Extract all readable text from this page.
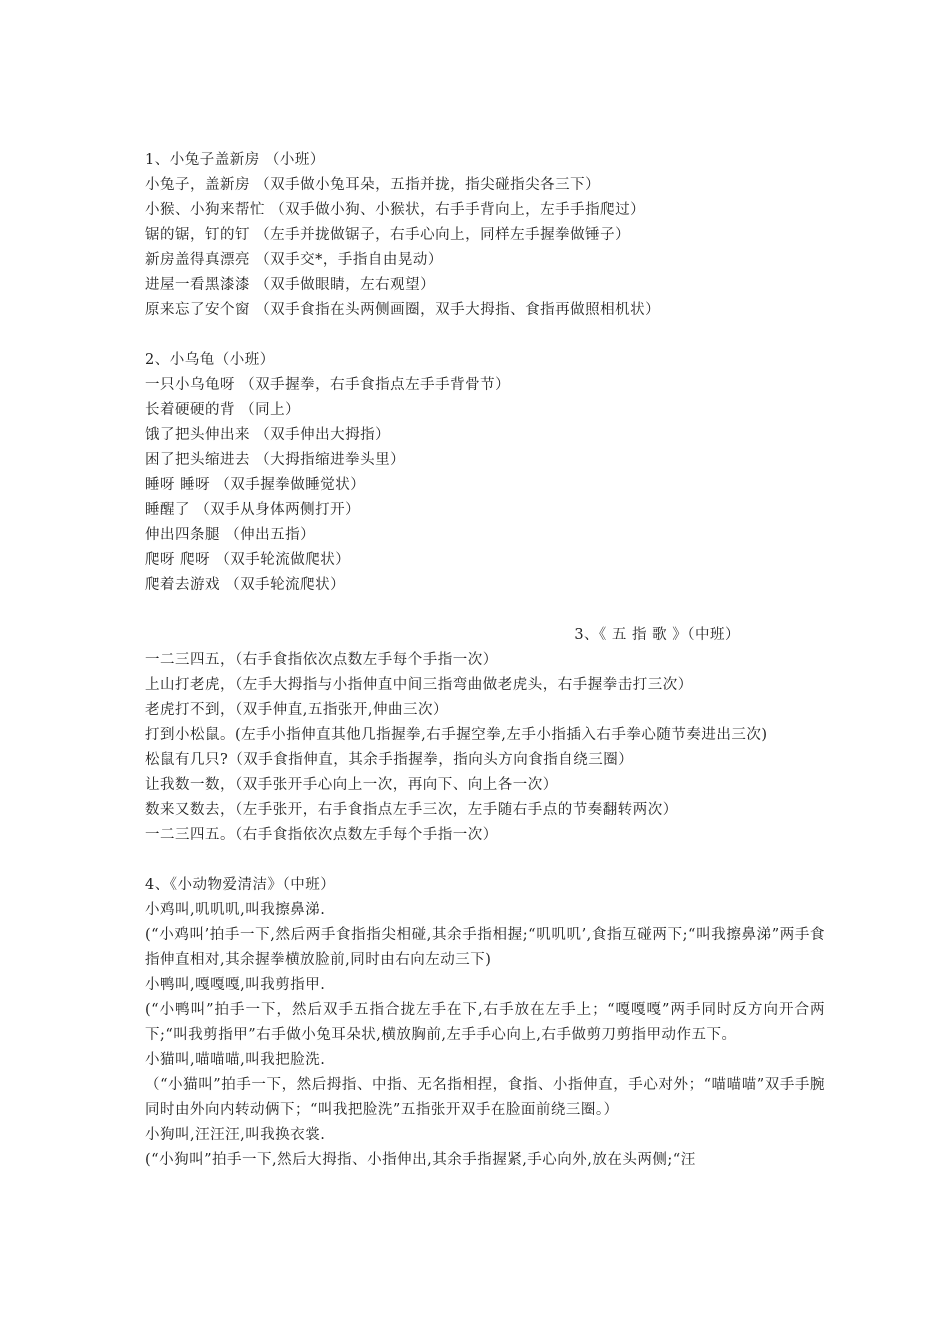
1、小兔子盖新房 （小班）
小兔子，盖新房 （双手做小兔耳朵，五指并拢，指尖碰指尖各三下）
小猴、小狗来帮忙 （双手做小狗、小猴状，右手手背向上，左手手指爬过）
锯的锯，钉的钉 （左手并拢做锯子，右手心向上，同样左手握拳做锤子）
新房盖得真漂亮 （双手交*，手指自由晃动）
进屋一看黑漆漆 （双手做眼睛，左右观望）
原来忘了安个窗 （双手食指在头两侧画圈，双手大拇指、食指再做照相机状）
2、小乌龟（小班）
一只小乌龟呀 （双手握拳，右手食指点左手手背骨节）
长着硬硬的背 （同上）
饿了把头伸出来 （双手伸出大拇指）
困了把头缩进去 （大拇指缩进拳头里）
睡呀 睡呀 （双手握拳做睡觉状）
睡醒了 （双手从身体两侧打开）
伸出四条腿 （伸出五指）
爬呀 爬呀 （双手轮流做爬状）
爬着去游戏 （双手轮流爬状）
3、《 五 指 歌 》（中班）
一二三四五，（右手食指依次点数左手每个手指一次）
上山打老虎，（左手大拇指与小指伸直中间三指弯曲做老虎头，右手握拳击打三次）
老虎打不到，（双手伸直,五指张开,伸曲三次）
打到小松鼠。(左手小指伸直其他几指握拳,右手握空拳,左手小指插入右手拳心随节奏进出三次)
松鼠有几只?（双手食指伸直，其余手指握拳，指向头方向食指自绕三圈）
让我数一数，（双手张开手心向上一次，再向下、向上各一次）
数来又数去，（左手张开，右手食指点左手三次，左手随右手点的节奏翻转两次）
一二三四五。（右手食指依次点数左手每个手指一次）
4、《小动物爱清洁》（中班）
小鸡叫,叽叽叽,叫我擦鼻涕.
(“小鸡叫’拍手一下,然后两手食指指尖相碰,其余手指相握;“叽叽叽’,食指互碰两下;“叫我擦鼻涕”两手食指伸直相对,其余握拳横放脸前,同时由右向左动三下)
小鸭叫,嘎嘎嘎,叫我剪指甲.
(“小鸭叫”拍手一下，然后双手五指合拢左手在下,右手放在左手上；“嘎嘎嘎”两手同时反方向开合两下;“叫我剪指甲”右手做小兔耳朵状,横放胸前,左手手心向上,右手做剪刀剪指甲动作五下。
小猫叫,喵喵喵,叫我把脸洗.
（“小猫叫”拍手一下，然后拇指、中指、无名指相捏，食指、小指伸直，手心对外；“喵喵喵”双手手腕同时由外向内转动俩下；“叫我把脸洗”五指张开双手在脸面前绕三圈。）
小狗叫,汪汪汪,叫我换衣裳.
(“小狗叫”拍手一下,然后大拇指、小指伸出,其余手指握紧,手心向外,放在头两侧;“汪
